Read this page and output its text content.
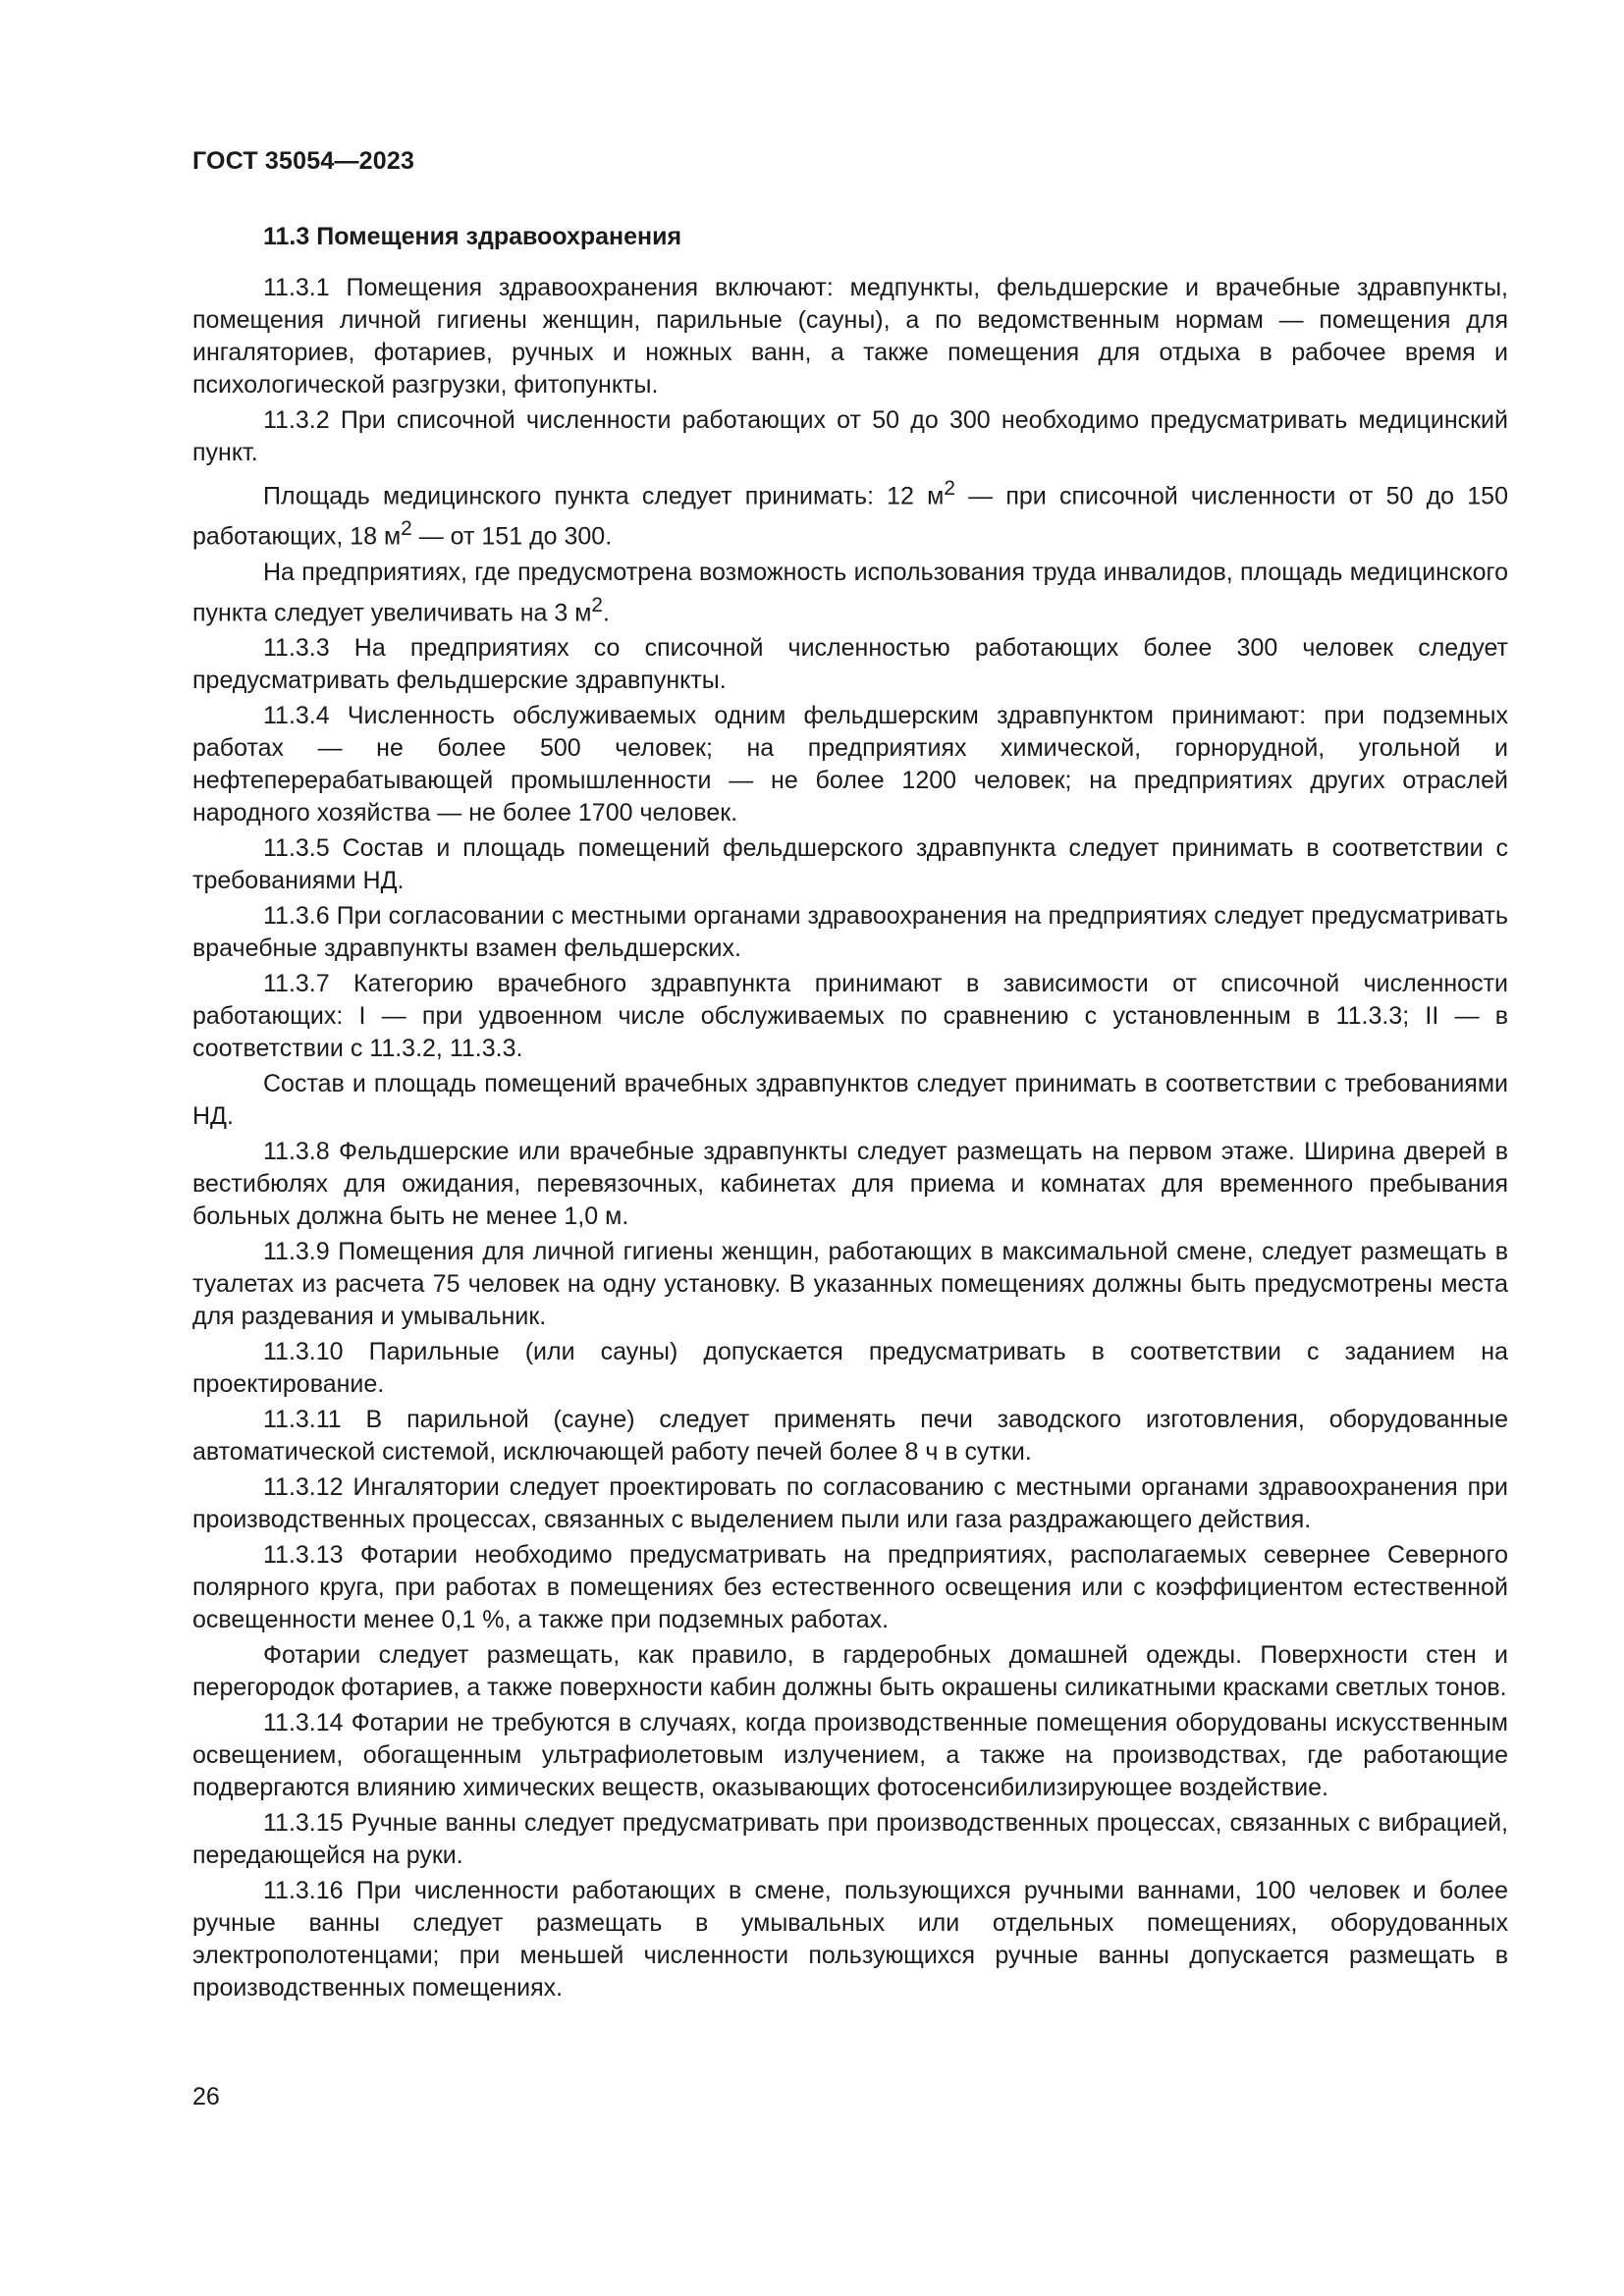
ГОСТ 35054—2023
11.3 Помещения здравоохранения

11.3.1 Помещения здравоохранения включают: медпункты, фельдшерские и врачебные здравпункты, помещения личной гигиены женщин, парильные (сауны), а по ведомственным нормам — помещения для ингаляториев, фотариев, ручных и ножных ванн, а также помещения для отдыха в рабочее время и психологической разгрузки, фитопункты.

11.3.2 При списочной численности работающих от 50 до 300 необходимо предусматривать медицинский пункт.

Площадь медицинского пункта следует принимать: 12 $м^2$ — при списочной численности от 50 до 150 работающих, 18 $м^2$ — от 151 до 300.

На предприятиях, где предусмотрена возможность использования труда инвалидов, площадь медицинского пункта следует увеличивать на 3 $м^2$.

11.3.3 На предприятиях со списочной численностью работающих более 300 человек следует предусматривать фельдшерские здравпункты.

11.3.4 Численность обслуживаемых одним фельдшерским здравпунктом принимают: при подземных работах — не более 500 человек; на предприятиях химической, горнорудной, угольной и нефтеперерабатывающей промышленности — не более 1200 человек; на предприятиях других отраслей народного хозяйства — не более 1700 человек.

11.3.5 Состав и площадь помещений фельдшерского здравпункта следует принимать в соответствии с требованиями НД.

11.3.6 При согласовании с местными органами здравоохранения на предприятиях следует предусматривать врачебные здравпункты взамен фельдшерских.

11.3.7 Категорию врачебного здравпункта принимают в зависимости от списочной численности работающих: I — при удвоенном числе обслуживаемых по сравнению с установленным в 11.3.3; II — в соответствии с 11.3.2, 11.3.3.

Состав и площадь помещений врачебных здравпунктов следует принимать в соответствии с требованиями НД.

11.3.8 Фельдшерские или врачебные здравпункты следует размещать на первом этаже. Ширина дверей в вестибюлях для ожидания, перевязочных, кабинетах для приема и комнатах для временного пребывания больных должна быть не менее 1,0 м.

11.3.9 Помещения для личной гигиены женщин, работающих в максимальной смене, следует размещать в туалетах из расчета 75 человек на одну установку. В указанных помещениях должны быть предусмотрены места для раздевания и умывальник.

11.3.10 Парильные (или сауны) допускается предусматривать в соответствии с заданием на проектирование.

11.3.11 В парильной (сауне) следует применять печи заводского изготовления, оборудованные автоматической системой, исключающей работу печей более 8 ч в сутки.

11.3.12 Ингалятории следует проектировать по согласованию с местными органами здравоохранения при производственных процессах, связанных с выделением пыли или газа раздражающего действия.

11.3.13 Фотарии необходимо предусматривать на предприятиях, располагаемых севернее Северного полярного круга, при работах в помещениях без естественного освещения или с коэффициентом естественной освещенности менее 0,1 %, а также при подземных работах.

Фотарии следует размещать, как правило, в гардеробных домашней одежды. Поверхности стен и перегородок фотариев, а также поверхности кабин должны быть окрашены силикатными красками светлых тонов.

11.3.14 Фотарии не требуются в случаях, когда производственные помещения оборудованы искусственным освещением, обогащенным ультрафиолетовым излучением, а также на производствах, где работающие подвергаются влиянию химических веществ, оказывающих фотосенсибилизирующее воздействие.

11.3.15 Ручные ванны следует предусматривать при производственных процессах, связанных с вибрацией, передающейся на руки.

11.3.16 При численности работающих в смене, пользующихся ручными ваннами, 100 человек и более ручные ванны следует размещать в умывальных или отдельных помещениях, оборудованных электрополотенцами; при меньшей численности пользующихся ручные ванны допускается размещать в производственных помещениях.

26
